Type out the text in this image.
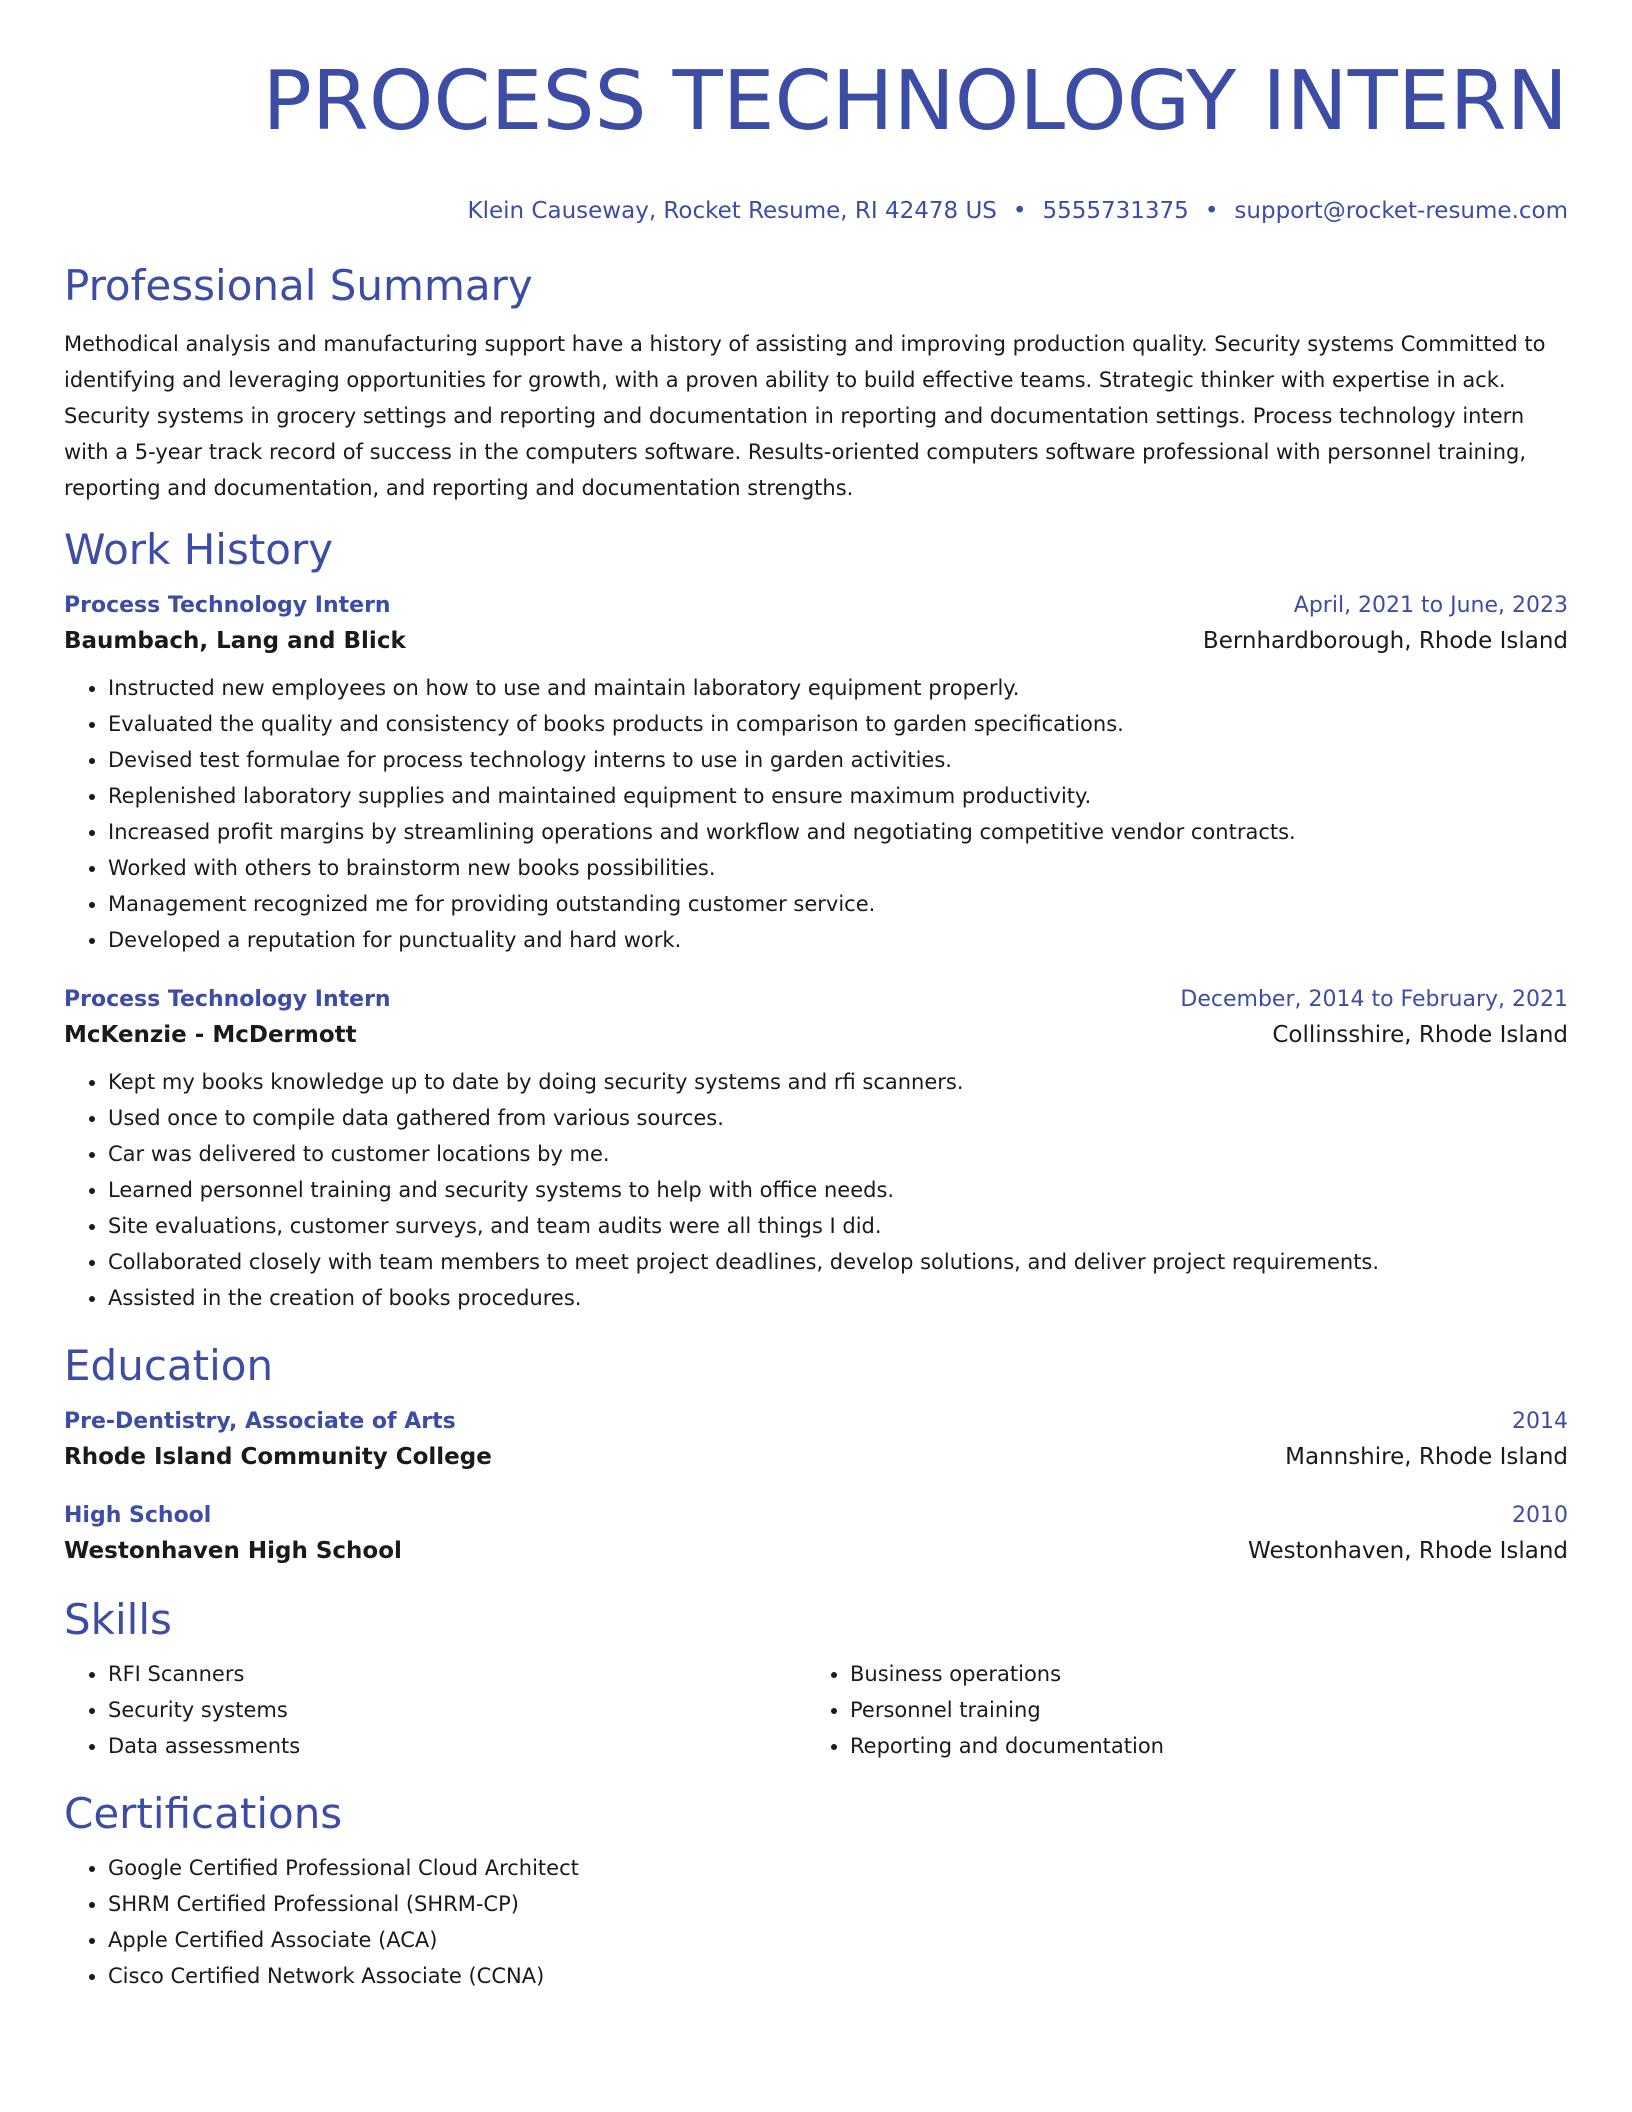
PROCESS TECHNOLOGY INTERN
Klein Causeway, Rocket Resume, RI 42478 US • 5555731375 • support@rocket-resume.com
Professional Summary

Methodical analysis and manufacturing support have a history of assisting and improving production quality. Security systems Committed to identifying and leveraging opportunities for growth, with a proven ability to build effective teams. Strategic thinker with expertise in ack. Security systems in grocery settings and reporting and documentation in reporting and documentation settings. Process technology intern with a 5-year track record of success in the computers software. Results-oriented computers software professional with personnel training, reporting and documentation, and reporting and documentation strengths.

Work History
Process Technology Intern	April, 2021 to June, 2023
Baumbach, Lang and Blick	Bernhardborough, Rhode Island
• Instructed new employees on how to use and maintain laboratory equipment properly.
• Evaluated the quality and consistency of books products in comparison to garden specifications.
• Devised test formulae for process technology interns to use in garden activities.
• Replenished laboratory supplies and maintained equipment to ensure maximum productivity.
• Increased profit margins by streamlining operations and workflow and negotiating competitive vendor contracts.
• Worked with others to brainstorm new books possibilities.
• Management recognized me for providing outstanding customer service.
• Developed a reputation for punctuality and hard work.
Process Technology Intern	December, 2014 to February, 2021
McKenzie - McDermott	Collinsshire, Rhode Island
• Kept my books knowledge up to date by doing security systems and rfi scanners.
• Used once to compile data gathered from various sources.
• Car was delivered to customer locations by me.
• Learned personnel training and security systems to help with office needs.
• Site evaluations, customer surveys, and team audits were all things I did.
• Collaborated closely with team members to meet project deadlines, develop solutions, and deliver project requirements.
• Assisted in the creation of books procedures.
Education
Pre-Dentistry, Associate of Arts	2014
Rhode Island Community College	Mannshire, Rhode Island
High School	2010
Westonhaven High School	Westonhaven, Rhode Island
Skills
• RFI Scanners
• Security systems
• Data assessments
• Business operations
• Personnel training
• Reporting and documentation
Certifications
• Google Certified Professional Cloud Architect
• SHRM Certified Professional (SHRM-CP)
• Apple Certified Associate (ACA)
• Cisco Certified Network Associate (CCNA)
